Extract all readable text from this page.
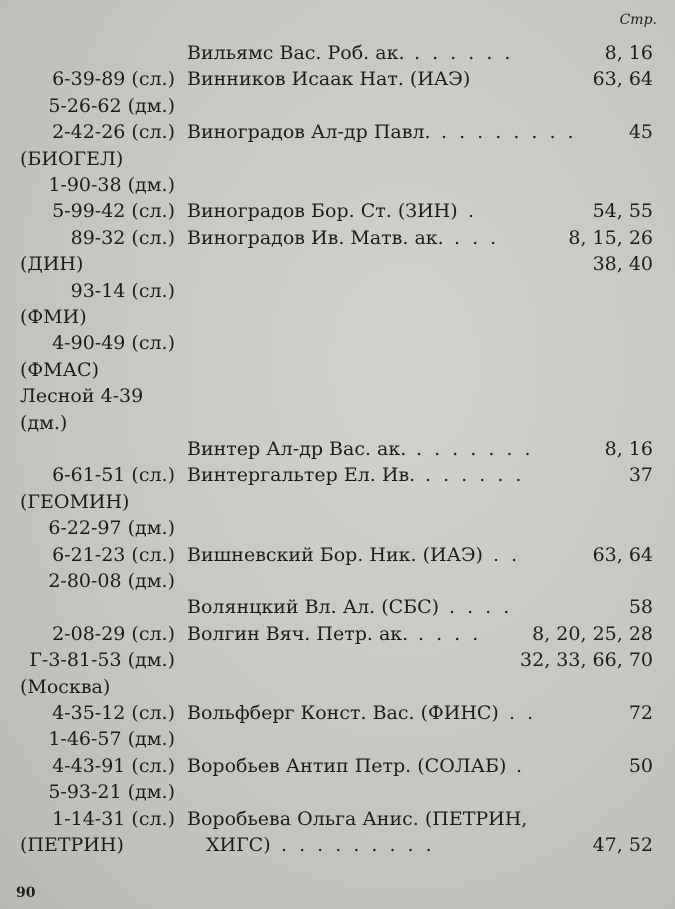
Стр.
Вильямс Вас. Роб. ак. . . . . . .	8, 16
6-39-89 (сл.) Винников Исаак Нат. (ИАЭ)	63, 64
5-26-62 (дм.)
2-42-26 (сл.) Виноградов Ал-др Павл. . . . . . . . .	45
(БИОГЕЛ)
1-90-38 (дм.)
5-99-42 (сл.) Виноградов Бор. Ст. (ЗИН) .	54, 55
89-32 (сл.) Виноградов Ив. Матв. ак. . . .	8, 15, 26
(ДИН)	38, 40
93-14 (сл.)
(ФМИ)
4-90-49 (сл.)
(ФМАС)
Лесной 4-39
(дм.)
Винтер Ал-др Вас. ак. . . . . . . .	8, 16
6-61-51 (сл.) Винтергальтер Ел. Ив. . . . . . .	37
(ГЕОМИН)
6-22-97 (дм.)
6-21-23 (сл.) Вишневский Бор. Ник. (ИАЭ) . .	63, 64
2-80-08 (дм.)
Волянцкий Вл. Ал. (СБС) . . . .	58
2-08-29 (сл.) Волгин Вяч. Петр. ак. . . . .	8, 20, 25, 28
Г-3-81-53 (дм.)	32, 33, 66, 70
(Москва)
4-35-12 (сл.) Вольфберг Конст. Вас. (ФИНС) . .	72
1-46-57 (дм.)
4-43-91 (сл.) Воробьев Антип Петр. (СОЛАБ) .	50
5-93-21 (дм.)
1-14-31 (сл.) Воробьева Ольга Анис. (ПЕТРИН,
(ПЕТРИН)	ХИГС) . . . . . . . . .	47, 52
90
